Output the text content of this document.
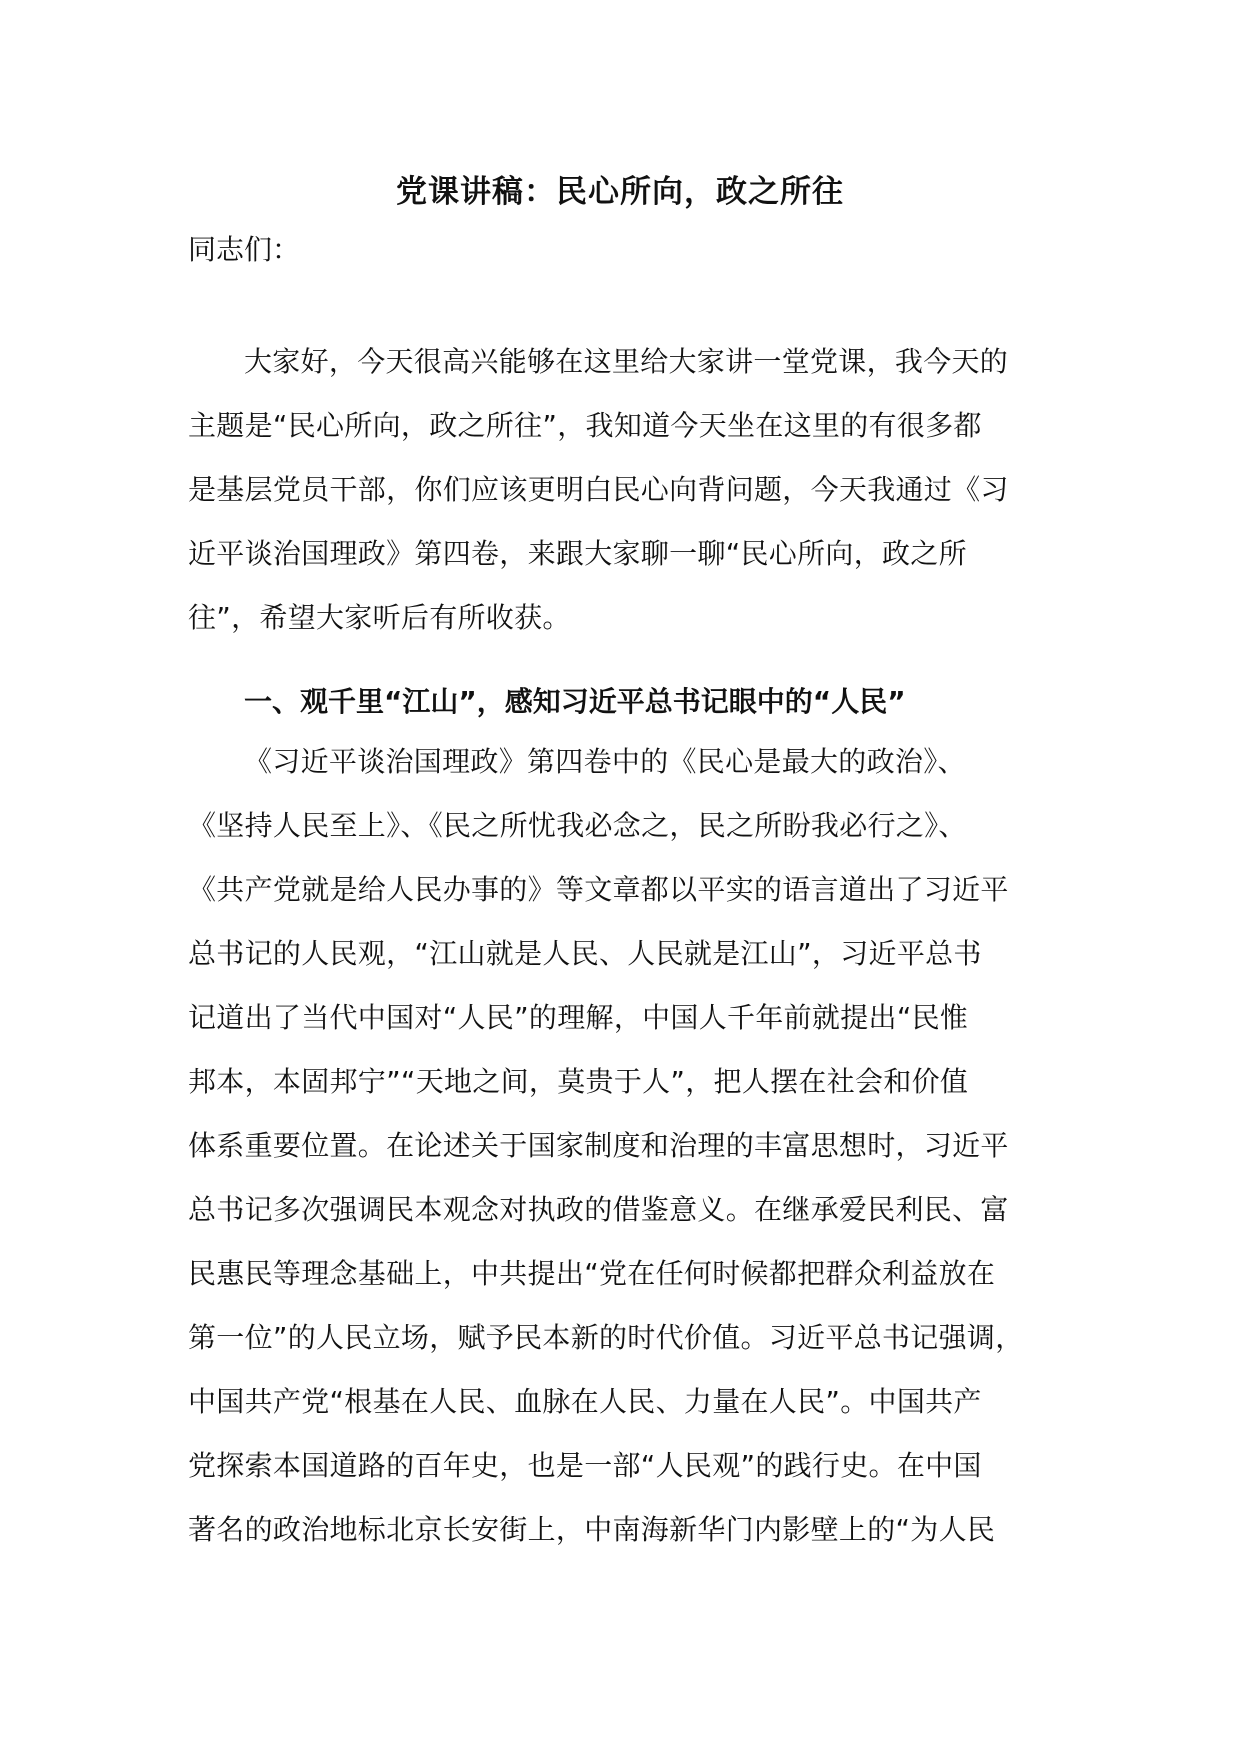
党课讲稿：民心所向，政之所往
同志们：
大家好，今天很高兴能够在这里给大家讲一堂党课，我今天的
主题是“民心所向，政之所往”，我知道今天坐在这里的有很多都
是基层党员干部，你们应该更明白民心向背问题，今天我通过《习
近平谈治国理政》第四卷，来跟大家聊一聊“民心所向，政之所
往”，希望大家听后有所收获。
一、观千里“江山”，感知习近平总书记眼中的“人民”
《习近平谈治国理政》第四卷中的《民心是最大的政治》、
《坚持人民至上》、《民之所忧我必念之，民之所盼我必行之》、
《共产党就是给人民办事的》等文章都以平实的语言道出了习近平
总书记的人民观，“江山就是人民、人民就是江山”，习近平总书
记道出了当代中国对“人民”的理解，中国人千年前就提出“民惟
邦本，本固邦宁”“天地之间，莫贵于人”，把人摆在社会和价值
体系重要位置。在论述关于国家制度和治理的丰富思想时，习近平
总书记多次强调民本观念对执政的借鉴意义。在继承爱民利民、富
民惠民等理念基础上，中共提出“党在任何时候都把群众利益放在
第一位”的人民立场，赋予民本新的时代价值。习近平总书记强调，
中国共产党“根基在人民、血脉在人民、力量在人民”。中国共产
党探索本国道路的百年史，也是一部“人民观”的践行史。在中国
著名的政治地标北京长安街上，中南海新华门内影壁上的“为人民
